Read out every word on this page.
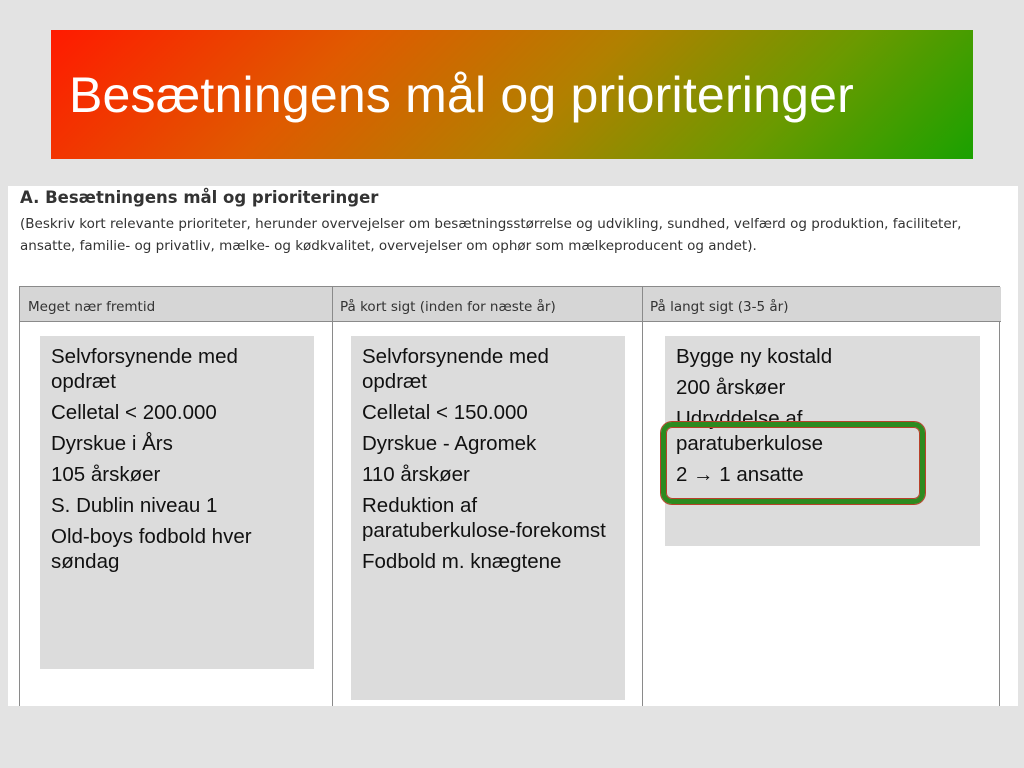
Besætningens mål og prioriteringer
A. Besætningens mål og prioriteringer
(Beskriv kort relevante prioriteter, herunder overvejelser om besætningsstørrelse og udvikling, sundhed, velfærd og produktion, faciliteter, ansatte, familie- og privatliv, mælke- og kødkvalitet, overvejelser om ophør som mælkeproducent og andet).
Meget nær fremtid	På kort sigt (inden for næste år)	På langt sigt (3-5 år)

Selvforsynende med opdræt

Celletal < 200.000

Dyrskue i Års

105 årskøer

S. Dublin niveau 1

Old-boys fodbold hver søndag

Selvforsynende med opdræt

Celletal < 150.000

Dyrskue - Agromek

110 årskøer

Reduktion af paratuberkulose-forekomst

Fodbold m. knægtene

Bygge ny kostald

200 årskøer

Udryddelse af paratuberkulose

2 → 1 ansatte
